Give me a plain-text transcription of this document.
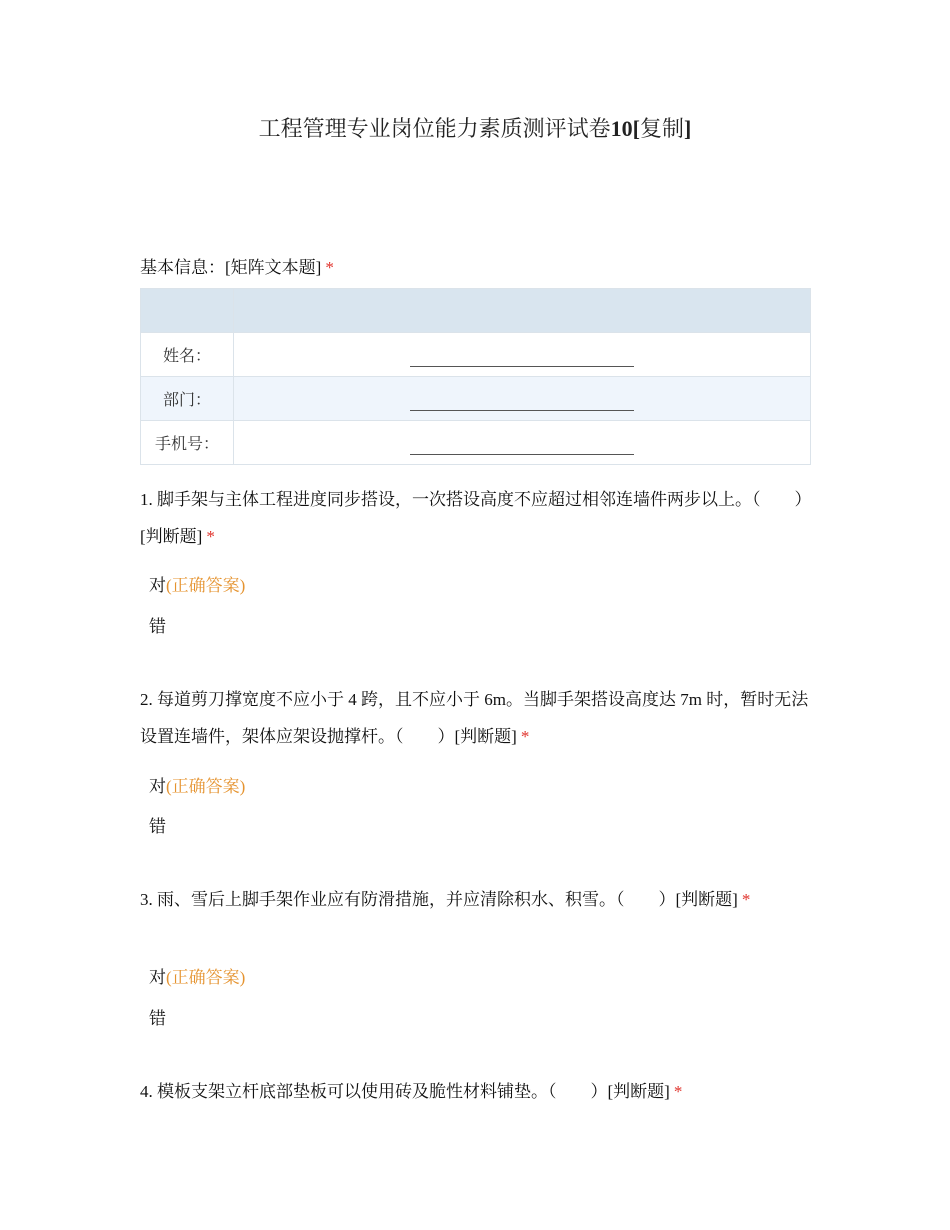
工程管理专业岗位能力素质测评试卷10[复制]
基本信息：[矩阵文本题] *

姓名：	
部门：	
手机号：	
1. 脚手架与主体工程进度同步搭设，一次搭设高度不应超过相邻连墙件两步以上。（　　）[判断题] *
对(正确答案)
错
2. 每道剪刀撑宽度不应小于 4 跨，且不应小于 6m。当脚手架搭设高度达 7m 时，暂时无法设置连墙件，架体应架设抛撑杆。（　　）[判断题] *
对(正确答案)
错
3. 雨、雪后上脚手架作业应有防滑措施，并应清除积水、积雪。（　　）[判断题] *
对(正确答案)
错
4. 模板支架立杆底部垫板可以使用砖及脆性材料铺垫。（　　）[判断题] *
